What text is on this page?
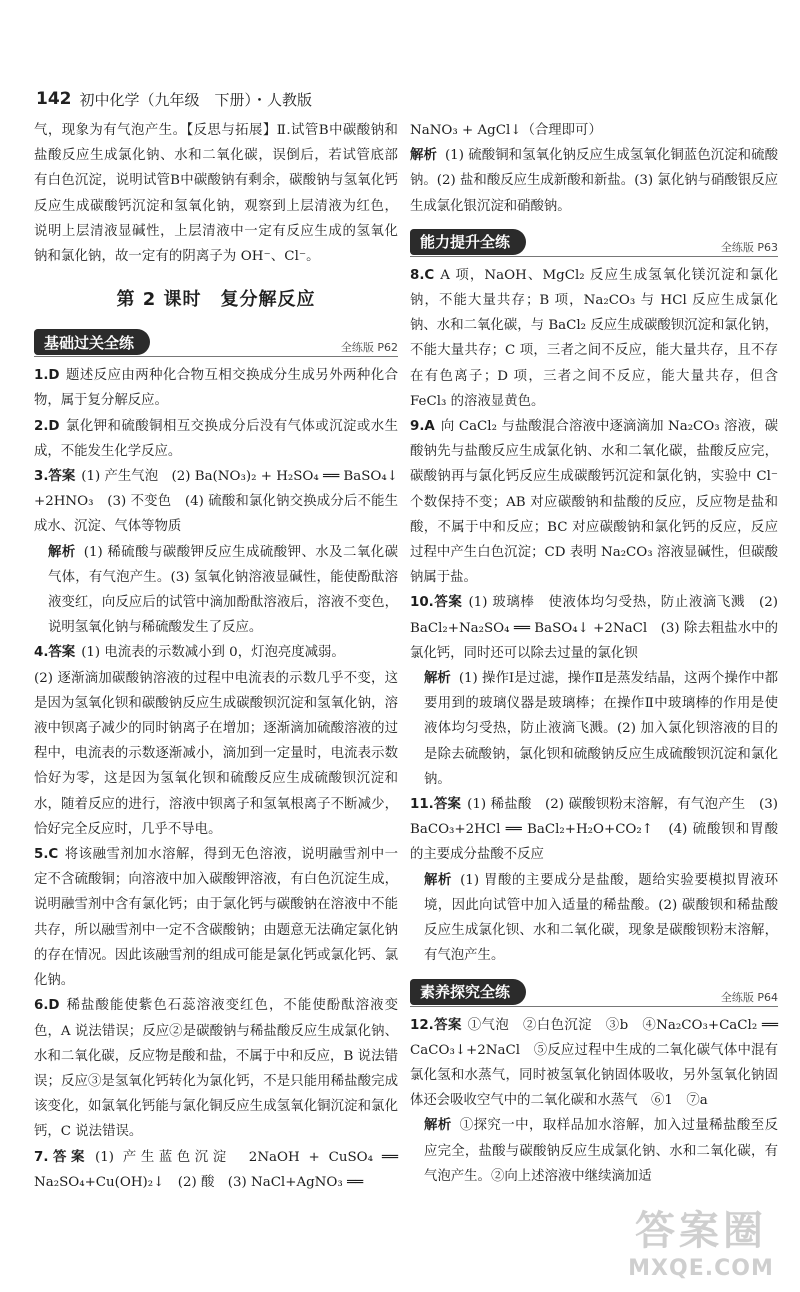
142 初中化学（九年级　下册）・人教版

气，现象为有气泡产生。【反思与拓展】Ⅱ.试管B中碳酸钠和盐酸反应生成氯化钠、水和二氧化碳，误倒后，若试管底部有白色沉淀，说明试管B中碳酸钠有剩余，碳酸钠与氢氧化钙反应生成碳酸钙沉淀和氢氧化钠，观察到上层清液为红色，说明上层清液显碱性，上层清液中一定有反应生成的氢氧化钠和氯化钠，故一定有的阴离子为 OH⁻、Cl⁻。

第 2 课时　复分解反应
基础过关全练	全练版 P62

1.D 题述反应由两种化合物互相交换成分生成另外两种化合物，属于复分解反应。

2.D 氯化钾和硫酸铜相互交换成分后没有气体或沉淀或水生成，不能发生化学反应。

3.答案 (1) 产生气泡　(2) Ba(NO₃)₂ + H₂SO₄ ══ BaSO₄↓ +2HNO₃　(3) 不变色　(4) 硫酸和氯化钠交换成分后不能生成水、沉淀、气体等物质

解析 (1) 稀硫酸与碳酸钾反应生成硫酸钾、水及二氧化碳气体，有气泡产生。(3) 氢氧化钠溶液显碱性，能使酚酞溶液变红，向反应后的试管中滴加酚酞溶液后，溶液不变色，说明氢氧化钠与稀硫酸发生了反应。

4.答案 (1) 电流表的示数减小到 0，灯泡亮度减弱。

(2) 逐渐滴加碳酸钠溶液的过程中电流表的示数几乎不变，这是因为氢氧化钡和碳酸钠反应生成碳酸钡沉淀和氢氧化钠，溶液中钡离子减少的同时钠离子在增加；逐渐滴加硫酸溶液的过程中，电流表的示数逐渐减小，滴加到一定量时，电流表示数恰好为零，这是因为氢氧化钡和硫酸反应生成硫酸钡沉淀和水，随着反应的进行，溶液中钡离子和氢氧根离子不断减少，恰好完全反应时，几乎不导电。

5.C 将该融雪剂加水溶解，得到无色溶液，说明融雪剂中一定不含硫酸铜；向溶液中加入碳酸钾溶液，有白色沉淀生成，说明融雪剂中含有氯化钙；由于氯化钙与碳酸钠在溶液中不能共存，所以融雪剂中一定不含碳酸钠；由题意无法确定氯化钠的存在情况。因此该融雪剂的组成可能是氯化钙或氯化钙、氯化钠。

6.D 稀盐酸能使紫色石蕊溶液变红色，不能使酚酞溶液变色，A 说法错误；反应②是碳酸钠与稀盐酸反应生成氯化钠、水和二氧化碳，反应物是酸和盐，不属于中和反应，B 说法错误；反应③是氢氧化钙转化为氯化钙，不是只能用稀盐酸完成该变化，如氯氧化钙能与氯化铜反应生成氢氧化铜沉淀和氯化钙，C 说法错误。

7.答案 (1) 产生蓝色沉淀　2NaOH + CuSO₄ ══ Na₂SO₄+Cu(OH)₂↓　(2) 酸　(3) NaCl+AgNO₃ ══

NaNO₃ + AgCl↓（合理即可）

解析 (1) 硫酸铜和氢氧化钠反应生成氢氧化铜蓝色沉淀和硫酸钠。(2) 盐和酸反应生成新酸和新盐。(3) 氯化钠与硝酸银反应生成氯化银沉淀和硝酸钠。

能力提升全练	全练版 P63

8.C A 项，NaOH、MgCl₂ 反应生成氢氧化镁沉淀和氯化钠，不能大量共存；B 项，Na₂CO₃ 与 HCl 反应生成氯化钠、水和二氧化碳，与 BaCl₂ 反应生成碳酸钡沉淀和氯化钠，不能大量共存；C 项，三者之间不反应，能大量共存，且不存在有色离子；D 项，三者之间不反应，能大量共存，但含 FeCl₃ 的溶液显黄色。

9.A 向 CaCl₂ 与盐酸混合溶液中逐滴滴加 Na₂CO₃ 溶液，碳酸钠先与盐酸反应生成氯化钠、水和二氧化碳，盐酸反应完，碳酸钠再与氯化钙反应生成碳酸钙沉淀和氯化钠，实验中 Cl⁻ 个数保持不变；AB 对应碳酸钠和盐酸的反应，反应物是盐和酸，不属于中和反应；BC 对应碳酸钠和氯化钙的反应，反应过程中产生白色沉淀；CD 表明 Na₂CO₃ 溶液显碱性，但碳酸钠属于盐。

10.答案 (1) 玻璃棒　使液体均匀受热，防止液滴飞溅　(2) BaCl₂+Na₂SO₄ ══ BaSO₄↓ +2NaCl　(3) 除去粗盐水中的氯化钙，同时还可以除去过量的氯化钡

解析 (1) 操作Ⅰ是过滤，操作Ⅱ是蒸发结晶，这两个操作中都要用到的玻璃仪器是玻璃棒；在操作Ⅱ中玻璃棒的作用是使液体均匀受热，防止液滴飞溅。(2) 加入氯化钡溶液的目的是除去硫酸钠，氯化钡和硫酸钠反应生成硫酸钡沉淀和氯化钠。

11.答案 (1) 稀盐酸　(2) 碳酸钡粉末溶解，有气泡产生　(3) BaCO₃+2HCl ══ BaCl₂+H₂O+CO₂↑　(4) 硫酸钡和胃酸的主要成分盐酸不反应

解析 (1) 胃酸的主要成分是盐酸，题给实验要模拟胃液环境，因此向试管中加入适量的稀盐酸。(2) 碳酸钡和稀盐酸反应生成氯化钡、水和二氧化碳，现象是碳酸钡粉末溶解，有气泡产生。

素养探究全练	全练版 P64

12.答案 ①气泡　②白色沉淀　③b　④Na₂CO₃+CaCl₂ ══ CaCO₃↓+2NaCl　⑤反应过程中生成的二氧化碳气体中混有氯化氢和水蒸气，同时被氢氧化钠固体吸收，另外氢氧化钠固体还会吸收空气中的二氧化碳和水蒸气　⑥1　⑦a

解析 ①探究一中，取样品加水溶解，加入过量稀盐酸至反应完全，盐酸与碳酸钠反应生成氯化钠、水和二氧化碳，有气泡产生。②向上述溶液中继续滴加适

答案圈
MXQE.COM
